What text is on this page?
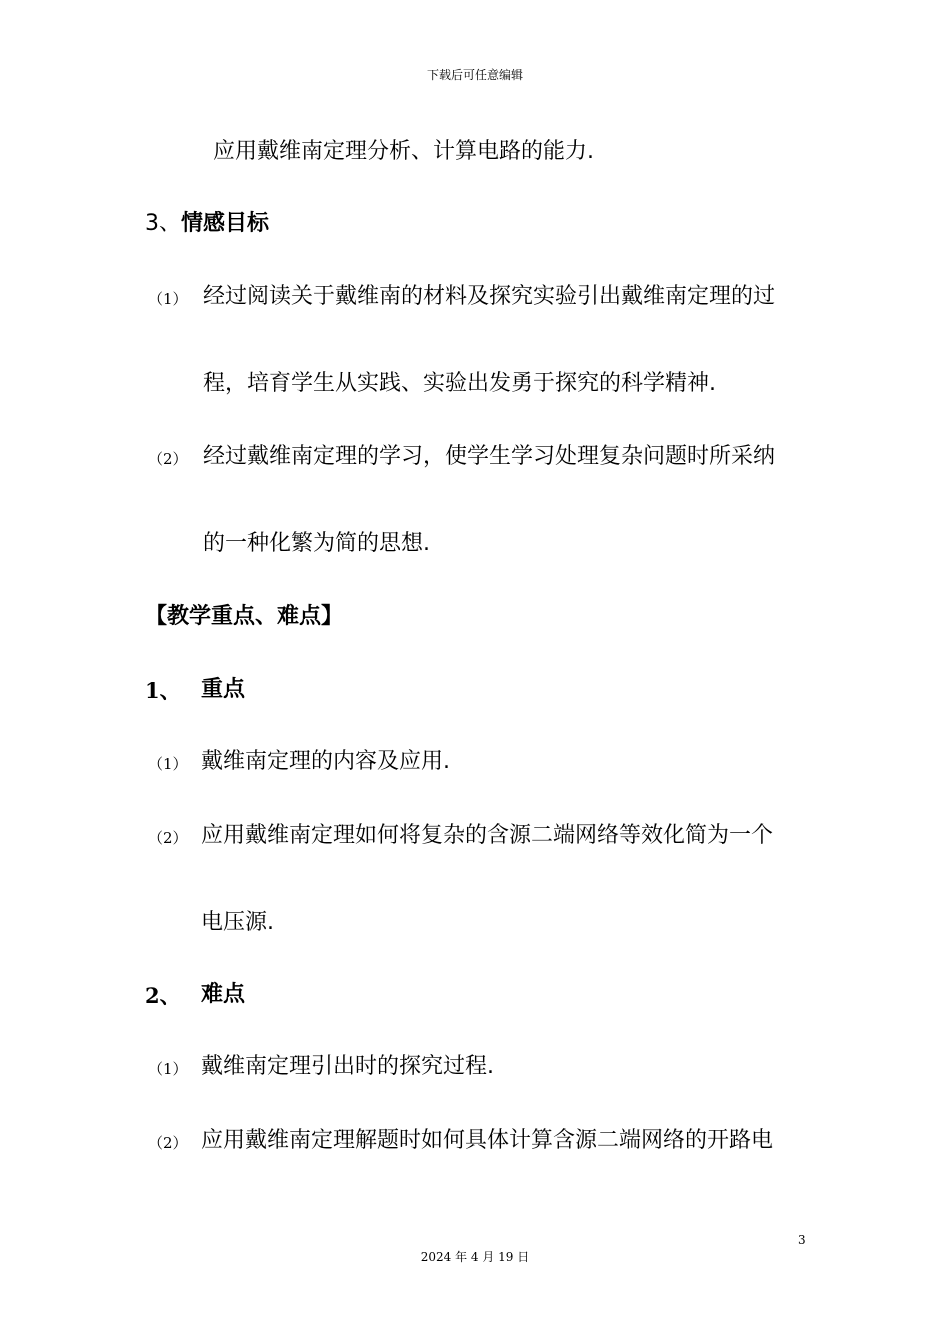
下载后可任意编辑
应用戴维南定理分析、计算电路的能力.
3、情感目标
（1） 经过阅读关于戴维南的材料及探究实验引出戴维南定理的过
程，培育学生从实践、实验出发勇于探究的科学精神.
（2） 经过戴维南定理的学习，使学生学习处理复杂问题时所采纳
的一种化繁为简的思想.
【教学重点、难点】
1、 重点
（1） 戴维南定理的内容及应用.
（2） 应用戴维南定理如何将复杂的含源二端网络等效化简为一个
电压源.
2、 难点
（1） 戴维南定理引出时的探究过程.
（2） 应用戴维南定理解题时如何具体计算含源二端网络的开路电
3
2024 年 4 月 19 日
